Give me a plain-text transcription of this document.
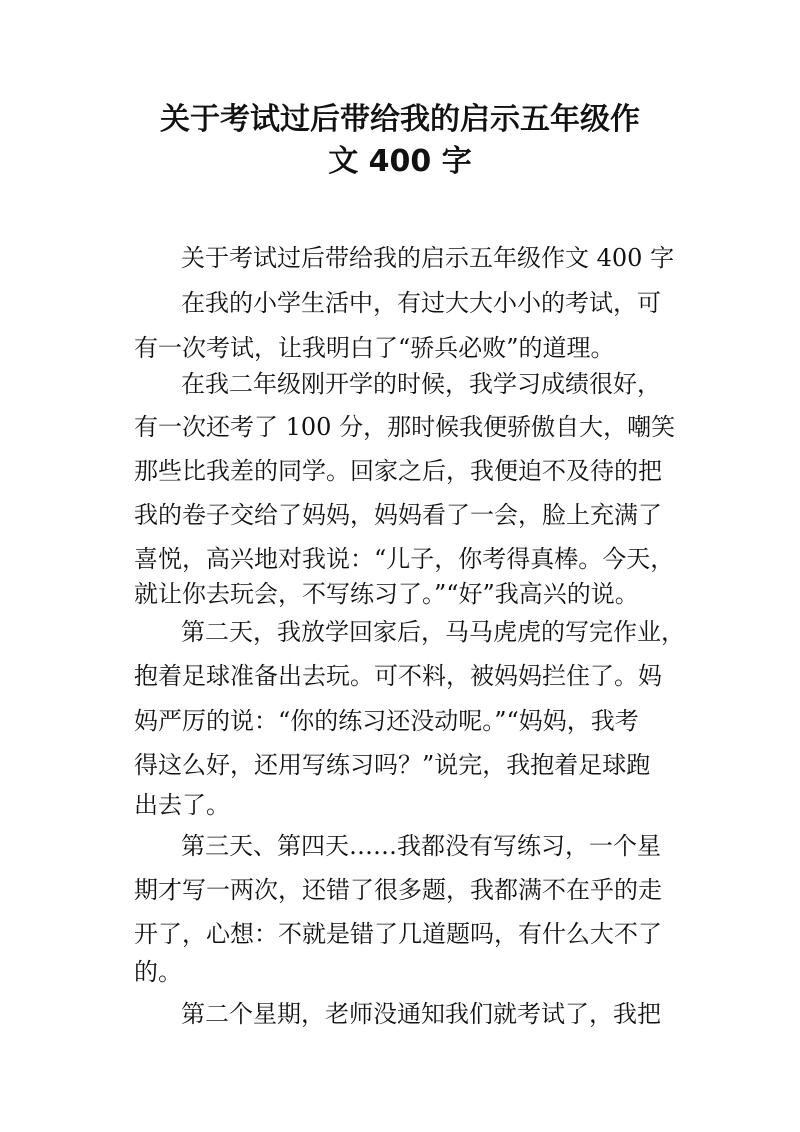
关于考试过后带给我的启示五年级作
文 400 字

关于考试过后带给我的启示五年级作文 400 字

在我的小学生活中，有过大大小小的考试，可

有一次考试，让我明白了“骄兵必败”的道理。

在我二年级刚开学的时候，我学习成绩很好，

有一次还考了 100 分，那时候我便骄傲自大，嘲笑

那些比我差的同学。回家之后，我便迫不及待的把

我的卷子交给了妈妈，妈妈看了一会，脸上充满了

喜悦，高兴地对我说：“儿子，你考得真棒。今天，

就让你去玩会，不写练习了。”“好”我高兴的说。

第二天，我放学回家后，马马虎虎的写完作业，

抱着足球准备出去玩。可不料，被妈妈拦住了。妈

妈严厉的说：“你的练习还没动呢。”“妈妈，我考

得这么好，还用写练习吗？”说完，我抱着足球跑

出去了。

第三天、第四天……我都没有写练习，一个星

期才写一两次，还错了很多题，我都满不在乎的走

开了，心想：不就是错了几道题吗，有什么大不了

的。

第二个星期，老师没通知我们就考试了，我把
